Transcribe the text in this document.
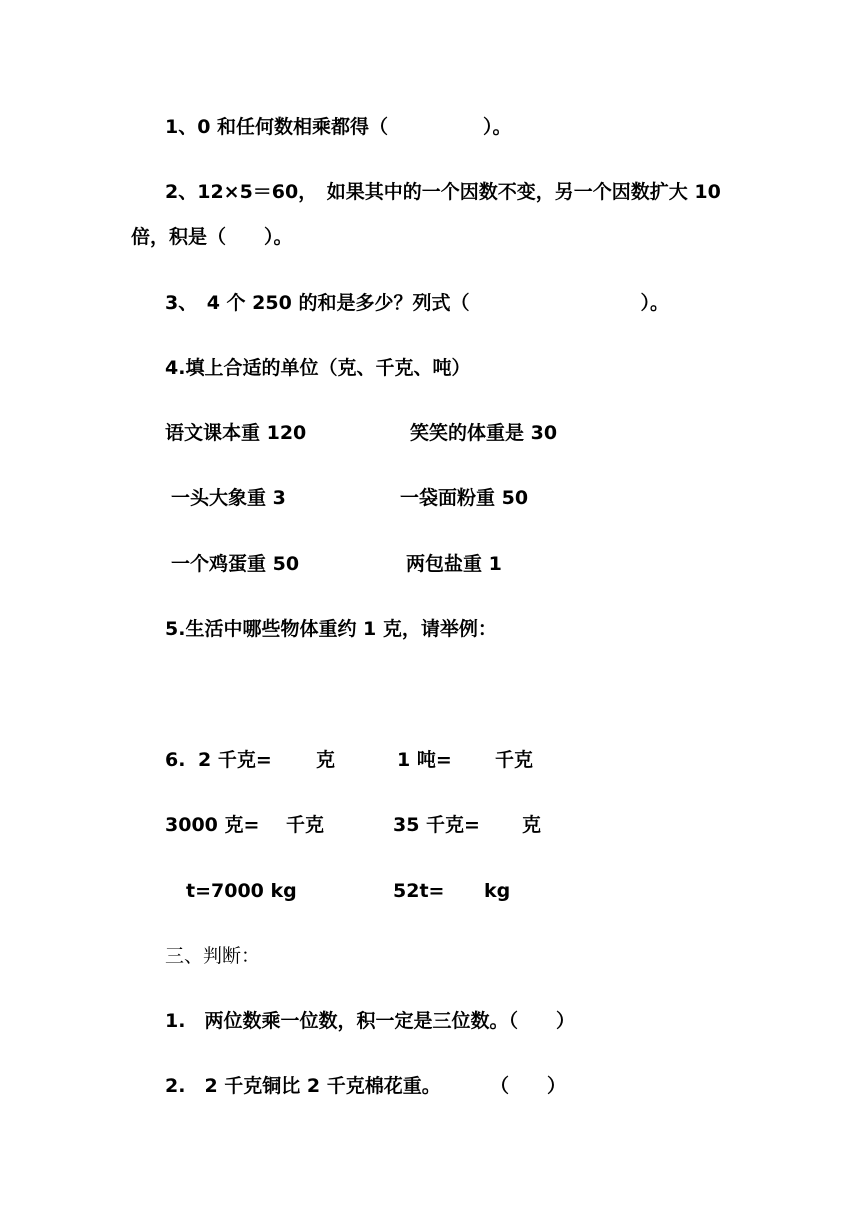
1、0 和任何数相乘都得（　　　　　）。
2、12×5＝60，　如果其中的一个因数不变，另一个因数扩大 10
倍，积是（　　）。
3、　4 个 250 的和是多少？列式（　　　　　　　　　）。
4.填上合适的单位（克、千克、吨）
语文课本重 120	笑笑的体重是 30
一头大象重 3	一袋面粉重 50
一个鸡蛋重 50	两包盐重 1
5.生活中哪些物体重约 1 克，请举例：
6. 2 千克= 克	1 吨= 千克
3000 克= 千克	35 千克= 克
t=7000 kg	52t= kg
三、判断：
1.　两位数乘一位数，积一定是三位数。（　　）
2.　2 千克铜比 2 千克棉花重。	（　　）
